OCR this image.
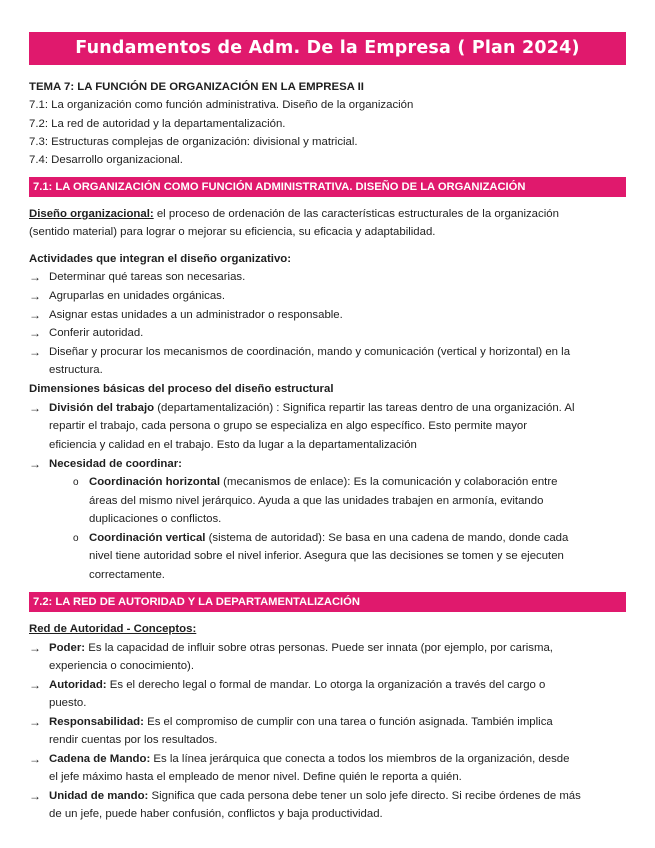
Fundamentos de Adm. De la Empresa ( Plan 2024)
TEMA 7: LA FUNCIÓN DE ORGANIZACIÓN EN LA EMPRESA II
7.1: La organización como función administrativa. Diseño de la organización
7.2: La red de autoridad y la departamentalización.
7.3: Estructuras complejas de organización: divisional y matricial.
7.4: Desarrollo organizacional.
7.1: LA ORGANIZACIÓN COMO FUNCIÓN ADMINISTRATIVA. DISEÑO DE LA ORGANIZACIÓN
Diseño organizacional: el proceso de ordenación de las características estructurales de la organización
(sentido material) para lograr o mejorar su eficiencia, su eficacia y adaptabilidad.
Actividades que integran el diseño organizativo:
→ Determinar qué tareas son necesarias.
→ Agruparlas en unidades orgánicas.
→ Asignar estas unidades a un administrador o responsable.
→ Conferir autoridad.
→ Diseñar y procurar los mecanismos de coordinación, mando y comunicación (vertical y horizontal) en la
estructura.
Dimensiones básicas del proceso del diseño estructural
→ División del trabajo (departamentalización) : Significa repartir las tareas dentro de una organización. Al
repartir el trabajo, cada persona o grupo se especializa en algo específico. Esto permite mayor
eficiencia y calidad en el trabajo. Esto da lugar a la departamentalización
→ Necesidad de coordinar:
o Coordinación horizontal (mecanismos de enlace): Es la comunicación y colaboración entre
áreas del mismo nivel jerárquico. Ayuda a que las unidades trabajen en armonía, evitando
duplicaciones o conflictos.
o Coordinación vertical (sistema de autoridad): Se basa en una cadena de mando, donde cada
nivel tiene autoridad sobre el nivel inferior. Asegura que las decisiones se tomen y se ejecuten
correctamente.
7.2: LA RED DE AUTORIDAD Y LA DEPARTAMENTALIZACIÓN
Red de Autoridad - Conceptos:
→ Poder: Es la capacidad de influir sobre otras personas. Puede ser innata (por ejemplo, por carisma,
experiencia o conocimiento).
→ Autoridad: Es el derecho legal o formal de mandar. Lo otorga la organización a través del cargo o
puesto.
→ Responsabilidad: Es el compromiso de cumplir con una tarea o función asignada. También implica
rendir cuentas por los resultados.
→ Cadena de Mando: Es la línea jerárquica que conecta a todos los miembros de la organización, desde
el jefe máximo hasta el empleado de menor nivel. Define quién le reporta a quién.
→ Unidad de mando: Significa que cada persona debe tener un solo jefe directo. Si recibe órdenes de más
de un jefe, puede haber confusión, conflictos y baja productividad.
